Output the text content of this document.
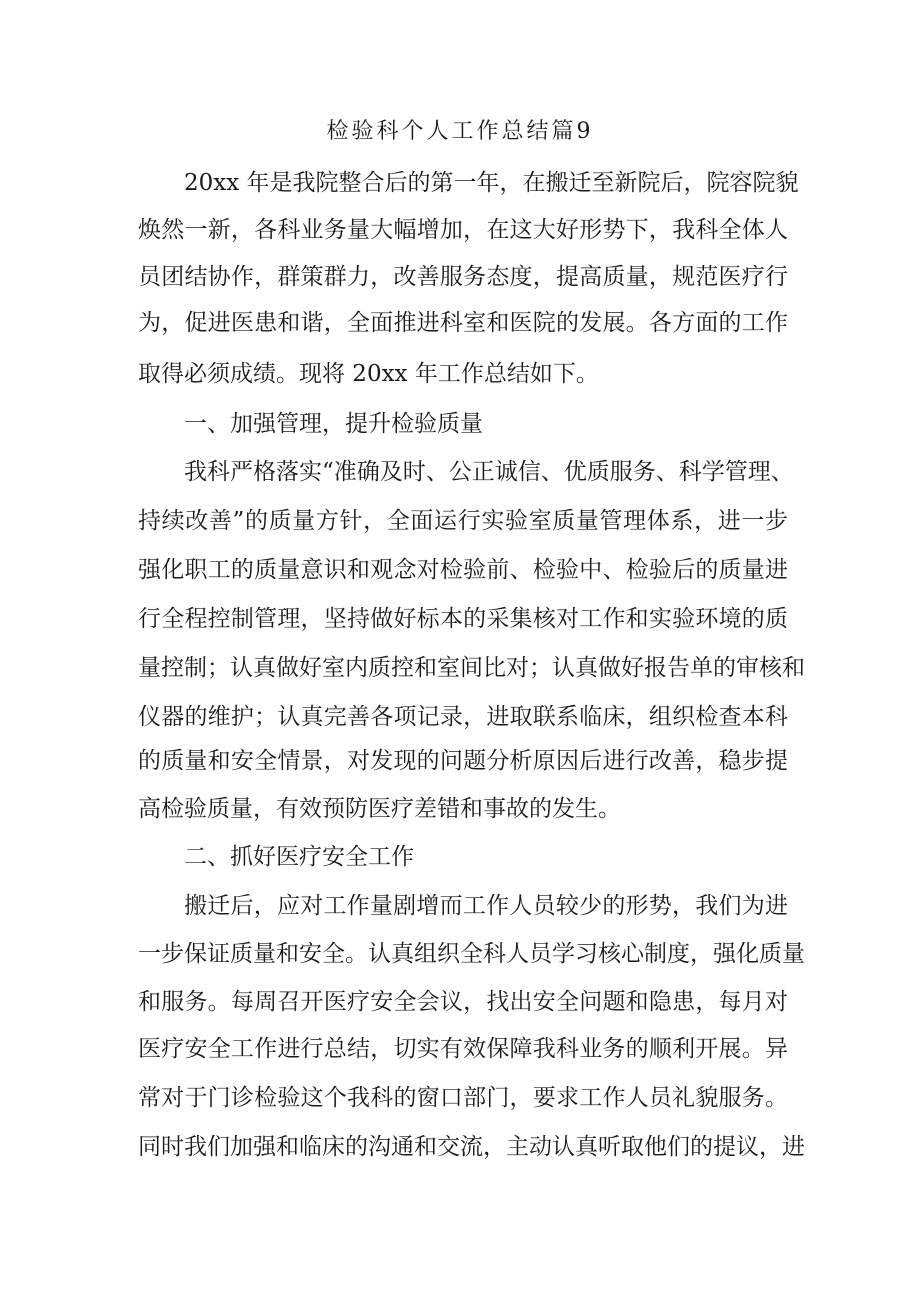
检验科个人工作总结篇9
20xx 年是我院整合后的第一年，在搬迁至新院后，院容院貌
焕然一新，各科业务量大幅增加，在这大好形势下，我科全体人
员团结协作，群策群力，改善服务态度，提高质量，规范医疗行
为，促进医患和谐，全面推进科室和医院的发展。各方面的工作
取得必须成绩。现将 20xx 年工作总结如下。
一、加强管理，提升检验质量
我科严格落实“准确及时、公正诚信、优质服务、科学管理、
持续改善”的质量方针，全面运行实验室质量管理体系，进一步
强化职工的质量意识和观念对检验前、检验中、检验后的质量进
行全程控制管理，坚持做好标本的采集核对工作和实验环境的质
量控制；认真做好室内质控和室间比对；认真做好报告单的审核和
仪器的维护；认真完善各项记录，进取联系临床，组织检查本科
的质量和安全情景，对发现的问题分析原因后进行改善，稳步提
高检验质量，有效预防医疗差错和事故的发生。
二、抓好医疗安全工作
搬迁后，应对工作量剧增而工作人员较少的形势，我们为进
一步保证质量和安全。认真组织全科人员学习核心制度，强化质量
和服务。每周召开医疗安全会议，找出安全问题和隐患，每月对
医疗安全工作进行总结，切实有效保障我科业务的顺利开展。异
常对于门诊检验这个我科的窗口部门，要求工作人员礼貌服务。
同时我们加强和临床的沟通和交流，主动认真听取他们的提议，进
